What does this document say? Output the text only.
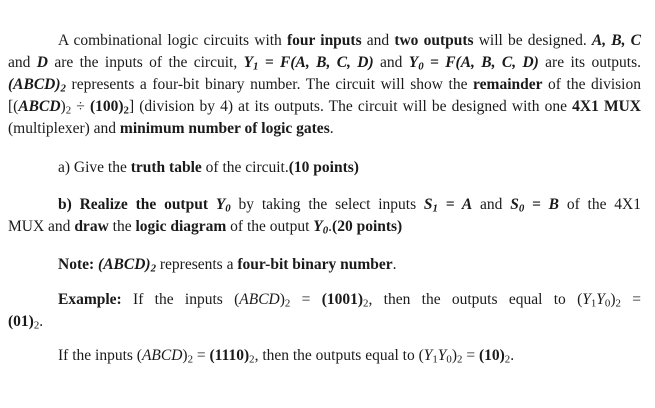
A combinational logic circuits with four inputs and two outputs will be designed. A, B, C and D are the inputs of the circuit, $Y_1 = F(A$, B, C, D) and $Y_0 = F(A$, B, C, D) are its outputs. $(ABCD)_2$ represents a four-bit binary number. The circuit will show the remainder of the division $[(ABCD)_2 \div (100)_2]$ (division by 4) at its outputs. The circuit will be designed with one 4X1 MUX (multiplexer) and minimum number of logic gates.

a) Give the truth table of the circuit.(10 points)

b) Realize the output $Y_0$ by taking the select inputs $S_1 = A$ and $S_0 = B$ of the 4X1

MUX and draw the logic diagram of the output $Y_0.(20$ points)

Note: $(ABCD)_2$ represents a four-bit binary number.

Example: If the inputs $(ABCD)_2 = (1001)_2$, then the outputs equal to $(Y_1Y_0)_2$ =

$(01)_2$.

If the inputs $(ABCD)_2 = (1110)_2$, then the outputs equal to $(Y_1Y_0)_2 = (10)_2$.
